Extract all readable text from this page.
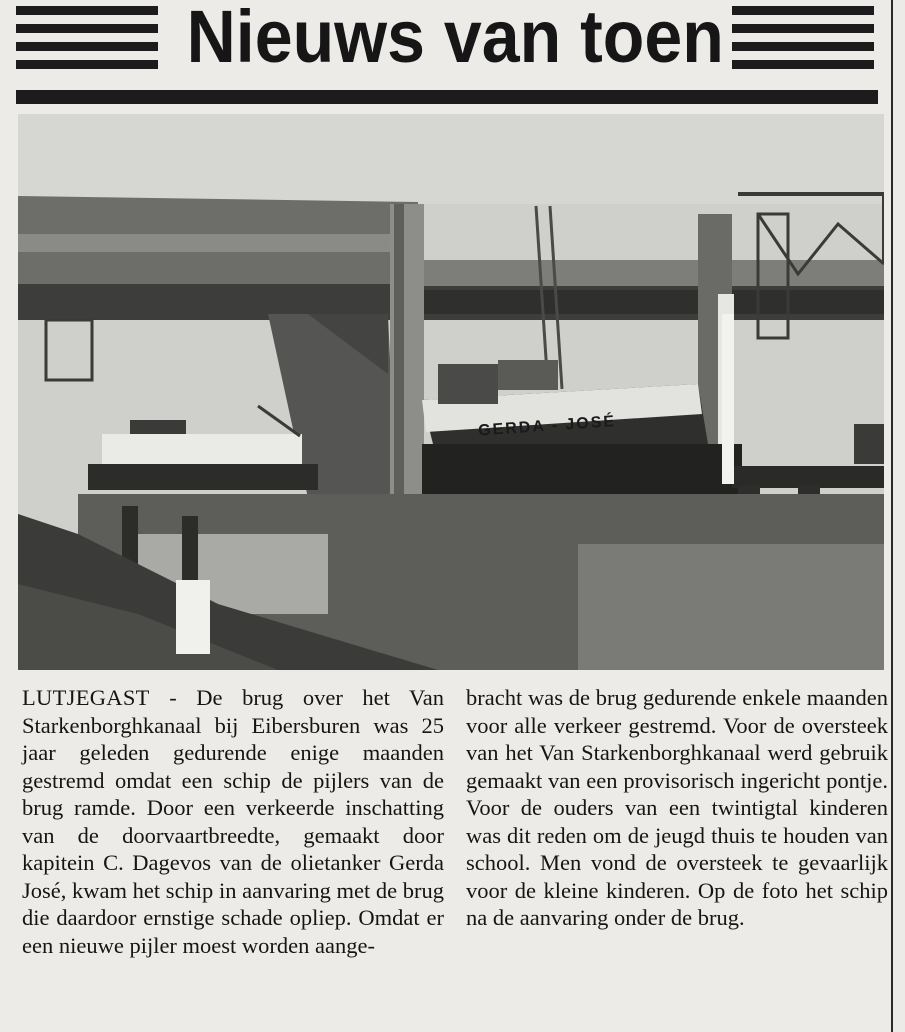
Nieuws van toen
GERDA - JOSÉ
LUTJEGAST - De brug over het Van Starkenborghkanaal bij Eibersburen was 25 jaar geleden gedurende enige maanden gestremd omdat een schip de pijlers van de brug ramde. Door een verkeerde inschatting van de doorvaartbreedte, gemaakt door kapitein C. Dagevos van de olietanker Gerda José, kwam het schip in aanvaring met de brug die daardoor ernstige schade opliep. Omdat er een nieuwe pijler moest worden aange-
bracht was de brug gedurende enkele maanden voor alle verkeer gestremd. Voor de oversteek van het Van Starkenborghkanaal werd gebruik gemaakt van een provisorisch ingericht pontje. Voor de ouders van een twintigtal kinderen was dit reden om de jeugd thuis te houden van school. Men vond de oversteek te gevaarlijk voor de kleine kinderen. Op de foto het schip na de aanvaring onder de brug.
